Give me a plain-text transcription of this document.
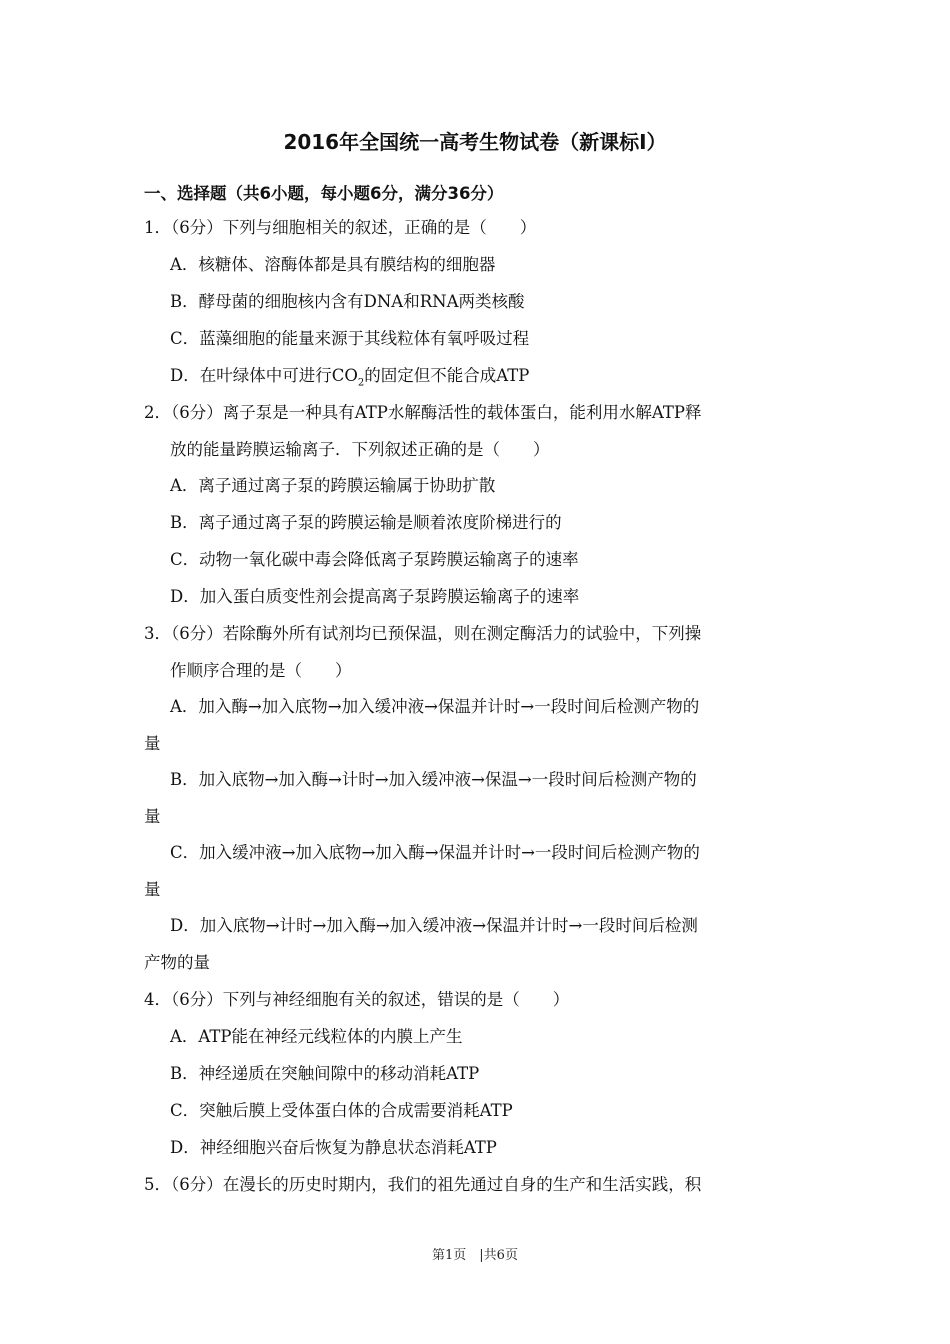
2016年全国统一高考生物试卷（新课标Ⅰ）
一、选择题（共6小题，每小题6分，满分36分）
1．（6分）下列与细胞相关的叙述，正确的是（　　）
A．核糖体、溶酶体都是具有膜结构的细胞器
B．酵母菌的细胞核内含有DNA和RNA两类核酸
C．蓝藻细胞的能量来源于其线粒体有氧呼吸过程
D．在叶绿体中可进行$CO_2$的固定但不能合成ATP
2．（6分）离子泵是一种具有ATP水解酶活性的载体蛋白，能利用水解ATP释
放的能量跨膜运输离子．下列叙述正确的是（　　）
A．离子通过离子泵的跨膜运输属于协助扩散
B．离子通过离子泵的跨膜运输是顺着浓度阶梯进行的
C．动物一氧化碳中毒会降低离子泵跨膜运输离子的速率
D．加入蛋白质变性剂会提高离子泵跨膜运输离子的速率
3．（6分）若除酶外所有试剂均已预保温，则在测定酶活力的试验中，下列操
作顺序合理的是（　　）
A．加入酶→加入底物→加入缓冲液→保温并计时→一段时间后检测产物的
量
B．加入底物→加入酶→计时→加入缓冲液→保温→一段时间后检测产物的
量
C．加入缓冲液→加入底物→加入酶→保温并计时→一段时间后检测产物的
量
D．加入底物→计时→加入酶→加入缓冲液→保温并计时→一段时间后检测
产物的量
4．（6分）下列与神经细胞有关的叙述，错误的是（　　）
A．ATP能在神经元线粒体的内膜上产生
B．神经递质在突触间隙中的移动消耗ATP
C．突触后膜上受体蛋白体的合成需要消耗ATP
D．神经细胞兴奋后恢复为静息状态消耗ATP
5．（6分）在漫长的历史时期内，我们的祖先通过自身的生产和生活实践，积
第1页　|共6页
